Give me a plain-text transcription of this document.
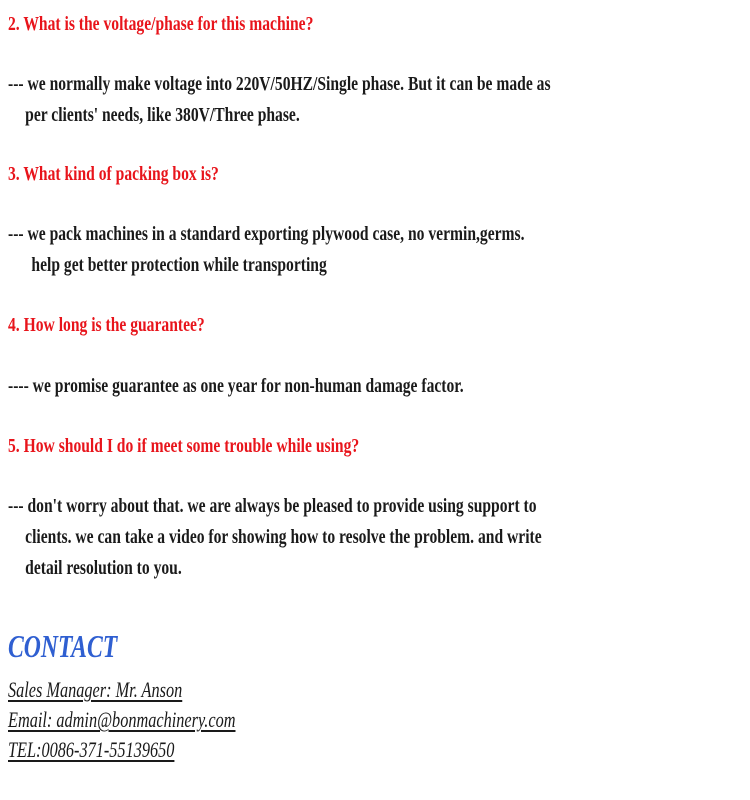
2. What is the voltage/phase for this machine?

--- we normally make voltage into 220V/50HZ/Single phase. But it can be made as
per clients' needs, like 380V/Three phase.

3. What kind of packing box is?

--- we pack machines in a standard exporting plywood case, no vermin,germs.
help get better protection while transporting

4. How long is the guarantee?

---- we promise guarantee as one year for non-human damage factor.

5. How should I do if meet some trouble while using?

--- don't worry about that. we are always be pleased to provide using support to
clients. we can take a video for showing how to resolve the problem. and write
detail resolution to you.
CONTACT

Sales Manager: Mr. Anson

Email: admin@bonmachinery.com

TEL:0086-371-55139650
